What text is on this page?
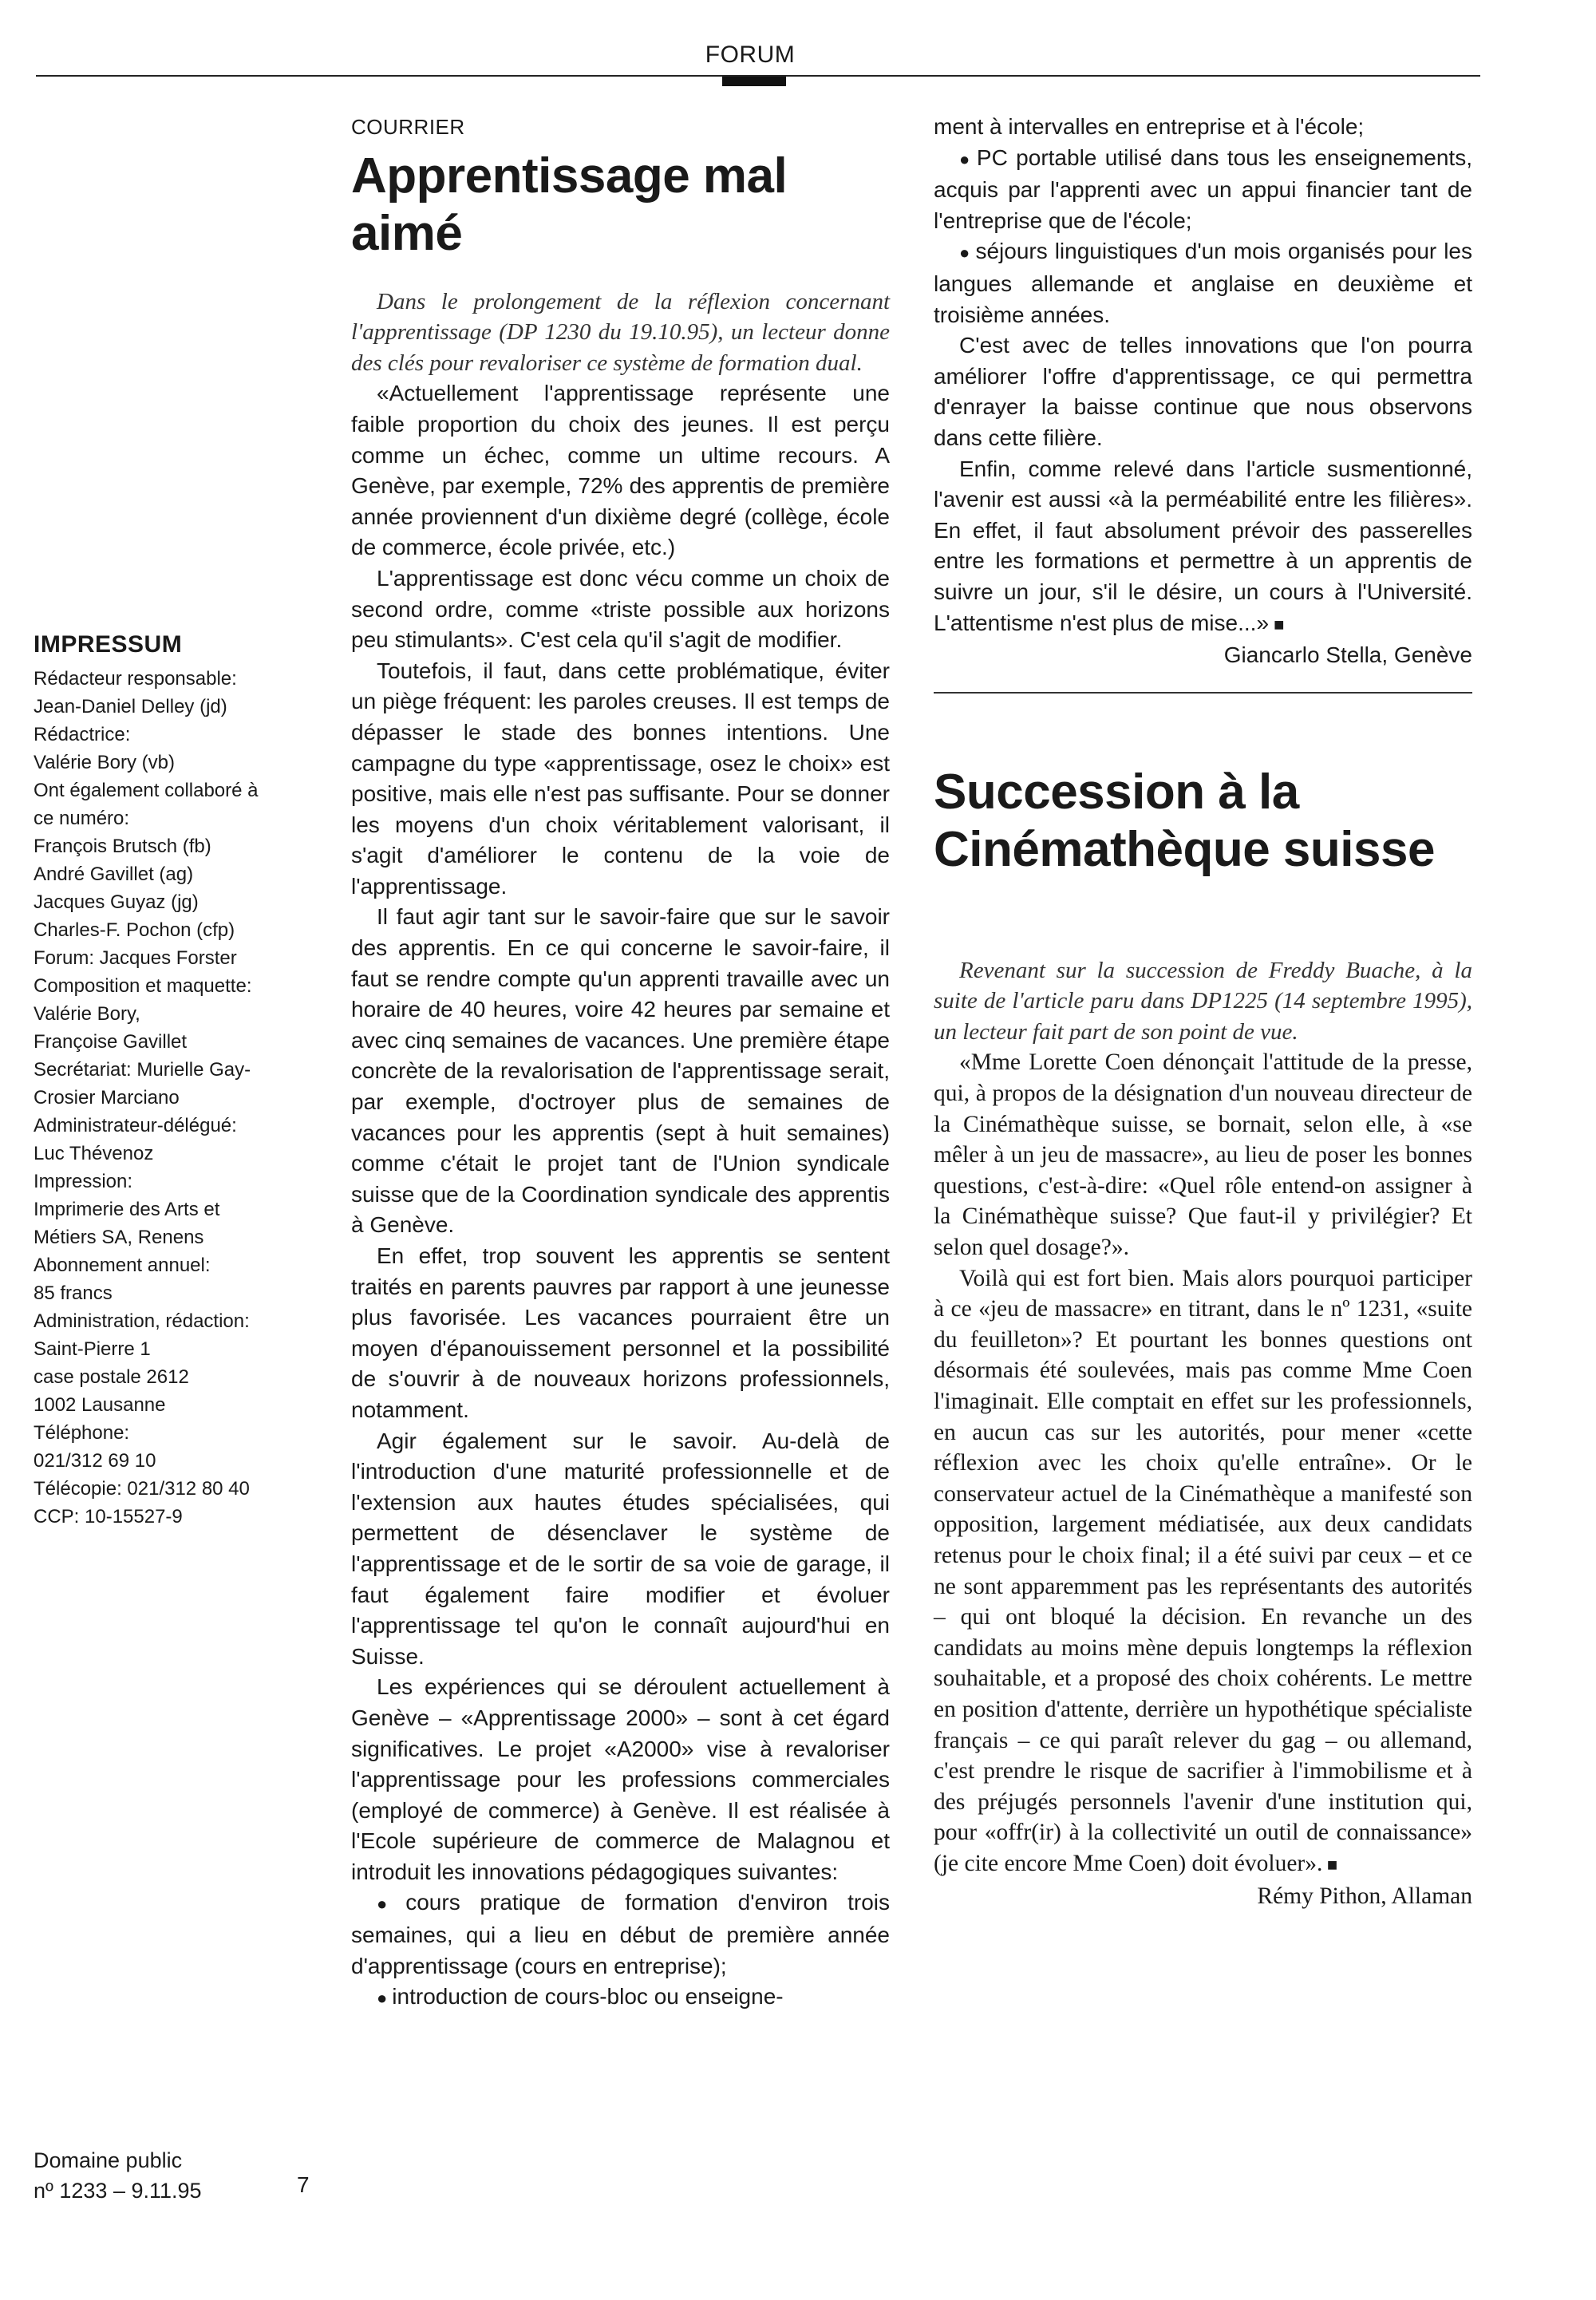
FORUM
IMPRESSUM
Rédacteur responsable:
Jean-Daniel Delley (jd)
Rédactrice:
Valérie Bory (vb)
Ont également collaboré à
ce numéro:
François Brutsch (fb)
André Gavillet (ag)
Jacques Guyaz (jg)
Charles-F. Pochon (cfp)
Forum: Jacques Forster
Composition et maquette:
Valérie Bory,
Françoise Gavillet
Secrétariat: Murielle Gay-
Crosier Marciano
Administrateur-délégué:
Luc Thévenoz
Impression:
Imprimerie des Arts et
Métiers SA, Renens
Abonnement annuel:
85 francs
Administration, rédaction:
Saint-Pierre 1
case postale 2612
1002 Lausanne
Téléphone:
021/312 69 10
Télécopie: 021/312 80 40
CCP: 10-15527-9
Domaine public
nº 1233 – 9.11.95	7
COURRIER
Apprentissage mal aimé

Dans le prolongement de la réflexion concernant l'apprentissage (DP 1230 du 19.10.95), un lecteur donne des clés pour revaloriser ce système de formation dual.

«Actuellement l'apprentissage représente une faible proportion du choix des jeunes. Il est perçu comme un échec, comme un ultime recours. A Genève, par exemple, 72% des apprentis de première année proviennent d'un dixième degré (collège, école de commerce, école privée, etc.)

L'apprentissage est donc vécu comme un choix de second ordre, comme «triste possible aux horizons peu stimulants». C'est cela qu'il s'agit de modifier.

Toutefois, il faut, dans cette problématique, éviter un piège fréquent: les paroles creuses. Il est temps de dépasser le stade des bonnes intentions. Une campagne du type «apprentissage, osez le choix» est positive, mais elle n'est pas suffisante. Pour se donner les moyens d'un choix véritablement valorisant, il s'agit d'améliorer le contenu de la voie de l'apprentissage.

Il faut agir tant sur le savoir-faire que sur le savoir des apprentis. En ce qui concerne le savoir-faire, il faut se rendre compte qu'un apprenti travaille avec un horaire de 40 heures, voire 42 heures par semaine et avec cinq semaines de vacances. Une première étape concrète de la revalorisation de l'apprentissage serait, par exemple, d'octroyer plus de semaines de vacances pour les apprentis (sept à huit semaines) comme c'était le projet tant de l'Union syndicale suisse que de la Coordination syndicale des apprentis à Genève.

En effet, trop souvent les apprentis se sentent traités en parents pauvres par rapport à une jeunesse plus favorisée. Les vacances pourraient être un moyen d'épanouissement personnel et la possibilité de s'ouvrir à de nouveaux horizons professionnels, notamment.

Agir également sur le savoir. Au-delà de l'introduction d'une maturité professionnelle et de l'extension aux hautes études spécialisées, qui permettent de désenclaver le système de l'apprentissage et de le sortir de sa voie de garage, il faut également faire modifier et évoluer l'apprentissage tel qu'on le connaît aujourd'hui en Suisse.

Les expériences qui se déroulent actuellement à Genève – «Apprentissage 2000» – sont à cet égard significatives. Le projet «A2000» vise à revaloriser l'apprentissage pour les professions commerciales (employé de commerce) à Genève. Il est réalisée à l'Ecole supérieure de commerce de Malagnou et introduit les innovations pédagogiques suivantes:

● cours pratique de formation d'environ trois semaines, qui a lieu en début de première année d'apprentissage (cours en entreprise);

● introduction de cours-bloc ou enseigne-

ment à intervalles en entreprise et à l'école;

● PC portable utilisé dans tous les enseignements, acquis par l'apprenti avec un appui financier tant de l'entreprise que de l'école;

● séjours linguistiques d'un mois organisés pour les langues allemande et anglaise en deuxième et troisième années.

C'est avec de telles innovations que l'on pourra améliorer l'offre d'apprentissage, ce qui permettra d'enrayer la baisse continue que nous observons dans cette filière.

Enfin, comme relevé dans l'article susmentionné, l'avenir est aussi «à la perméabilité entre les filières». En effet, il faut absolument prévoir des passerelles entre les formations et permettre à un apprentis de suivre un jour, s'il le désire, un cours à l'Université. L'attentisme n'est plus de mise...» ■

Giancarlo Stella, Genève

Succession à la Cinémathèque suisse

Revenant sur la succession de Freddy Buache, à la suite de l'article paru dans DP1225 (14 septembre 1995), un lecteur fait part de son point de vue.

«Mme Lorette Coen dénonçait l'attitude de la presse, qui, à propos de la désignation d'un nouveau directeur de la Cinémathèque suisse, se bornait, selon elle, à «se mêler à un jeu de massacre», au lieu de poser les bonnes questions, c'est-à-dire: «Quel rôle entend-on assigner à la Cinémathèque suisse? Que faut-il y privilégier? Et selon quel dosage?».

Voilà qui est fort bien. Mais alors pourquoi participer à ce «jeu de massacre» en titrant, dans le nº 1231, «suite du feuilleton»? Et pourtant les bonnes questions ont désormais été soulevées, mais pas comme Mme Coen l'imaginait. Elle comptait en effet sur les professionnels, en aucun cas sur les autorités, pour mener «cette réflexion avec les choix qu'elle entraîne». Or le conservateur actuel de la Cinémathèque a manifesté son opposition, largement médiatisée, aux deux candidats retenus pour le choix final; il a été suivi par ceux – et ce ne sont apparemment pas les représentants des autorités – qui ont bloqué la décision. En revanche un des candidats au moins mène depuis longtemps la réflexion souhaitable, et a proposé des choix cohérents. Le mettre en position d'attente, derrière un hypothétique spécialiste français – ce qui paraît relever du gag – ou allemand, c'est prendre le risque de sacrifier à l'immobilisme et à des préjugés personnels l'avenir d'une institution qui, pour «offr(ir) à la collectivité un outil de connaissance» (je cite encore Mme Coen) doit évoluer». ■

Rémy Pithon, Allaman
